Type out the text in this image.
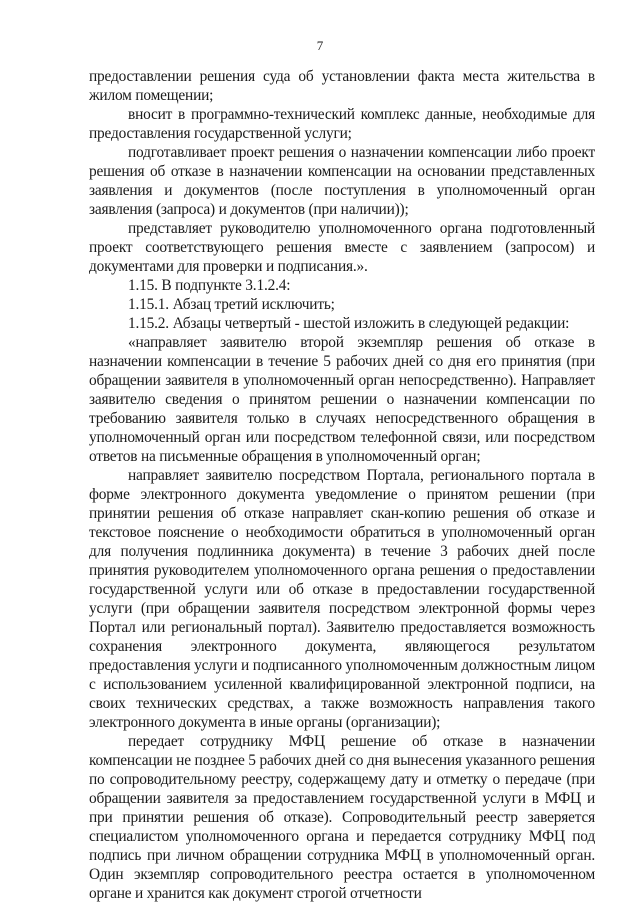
7

предоставлении решения суда об установлении факта места жительства в жилом помещении;

вносит в программно-технический комплекс данные, необходимые для предоставления государственной услуги;

подготавливает проект решения о назначении компенсации либо проект решения об отказе в назначении компенсации на основании представленных заявления и документов (после поступления в уполномоченный орган заявления (запроса) и документов (при наличии));

представляет руководителю уполномоченного органа подготовленный проект соответствующего решения вместе с заявлением (запросом) и документами для проверки и подписания.».

1.15. В подпункте 3.1.2.4:

1.15.1. Абзац третий исключить;

1.15.2. Абзацы четвертый - шестой изложить в следующей редакции:

«направляет заявителю второй экземпляр решения об отказе в назначении компенсации в течение 5 рабочих дней со дня его принятия (при обращении заявителя в уполномоченный орган непосредственно). Направляет заявителю сведения о принятом решении о назначении компенсации по требованию заявителя только в случаях непосредственного обращения в уполномоченный орган или посредством телефонной связи, или посредством ответов на письменные обращения в уполномоченный орган;

направляет заявителю посредством Портала, регионального портала в форме электронного документа уведомление о принятом решении (при принятии решения об отказе направляет скан-копию решения об отказе и текстовое пояснение о необходимости обратиться в уполномоченный орган для получения подлинника документа) в течение 3 рабочих дней после принятия руководителем уполномоченного органа решения о предоставлении государственной услуги или об отказе в предоставлении государственной услуги (при обращении заявителя посредством электронной формы через Портал или региональный портал). Заявителю предоставляется возможность сохранения электронного документа, являющегося результатом предоставления услуги и подписанного уполномоченным должностным лицом с использованием усиленной квалифицированной электронной подписи, на своих технических средствах, а также возможность направления такого электронного документа в иные органы (организации);

передает сотруднику МФЦ решение об отказе в назначении компенсации не позднее 5 рабочих дней со дня вынесения указанного решения по сопроводительному реестру, содержащему дату и отметку о передаче (при обращении заявителя за предоставлением государственной услуги в МФЦ и при принятии решения об отказе). Сопроводительный реестр заверяется специалистом уполномоченного органа и передается сотруднику МФЦ под подпись при личном обращении сотрудника МФЦ в уполномоченный орган. Один экземпляр сопроводительного реестра остается в уполномоченном органе и хранится как документ строгой отчетности
